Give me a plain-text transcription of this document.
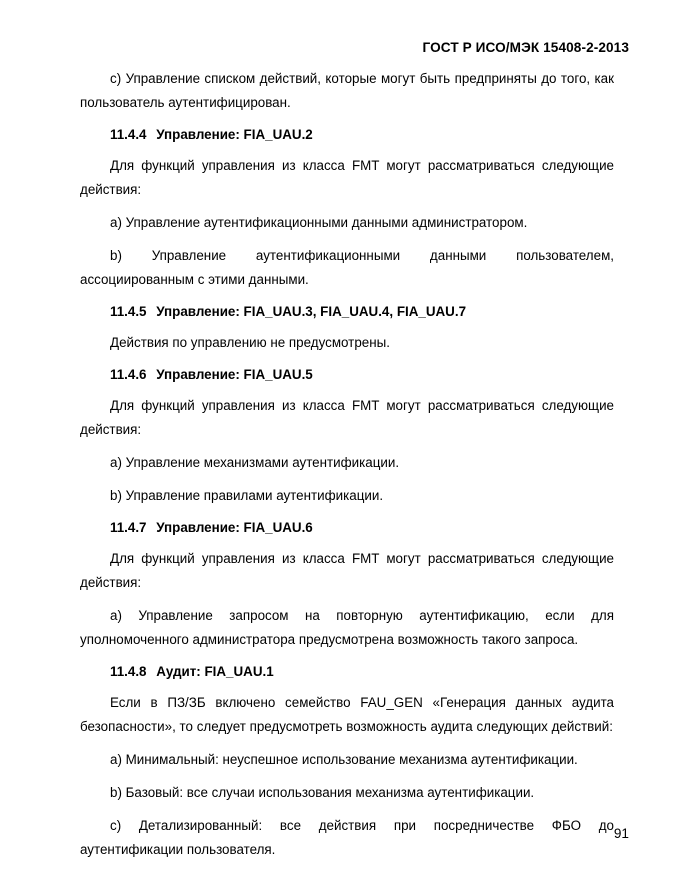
ГОСТ Р ИСО/МЭК 15408-2-2013

c) Управление списком действий, которые могут быть предприняты до того, как пользователь аутентифицирован.

11.4.4 Управление: FIA_UAU.2

Для функций управления из класса FMT могут рассматриваться следующие действия:

a) Управление аутентификационными данными администратором.

b) Управление аутентификационными данными пользователем, ассоциированным с этими данными.

11.4.5 Управление: FIA_UAU.3, FIA_UAU.4, FIA_UAU.7

Действия по управлению не предусмотрены.

11.4.6 Управление: FIA_UAU.5

Для функций управления из класса FMT могут рассматриваться следующие действия:

a) Управление механизмами аутентификации.

b) Управление правилами аутентификации.

11.4.7 Управление: FIA_UAU.6

Для функций управления из класса FMT могут рассматриваться следующие действия:

a) Управление запросом на повторную аутентификацию, если для уполномоченного администратора предусмотрена возможность такого запроса.

11.4.8 Аудит: FIA_UAU.1

Если в ПЗ/ЗБ включено семейство FAU_GEN «Генерация данных аудита безопасности», то следует предусмотреть возможность аудита следующих действий:

a) Минимальный: неуспешное использование механизма аутентификации.

b) Базовый: все случаи использования механизма аутентификации.

c) Детализированный: все действия при посредничестве ФБО до аутентификации пользователя.

91
